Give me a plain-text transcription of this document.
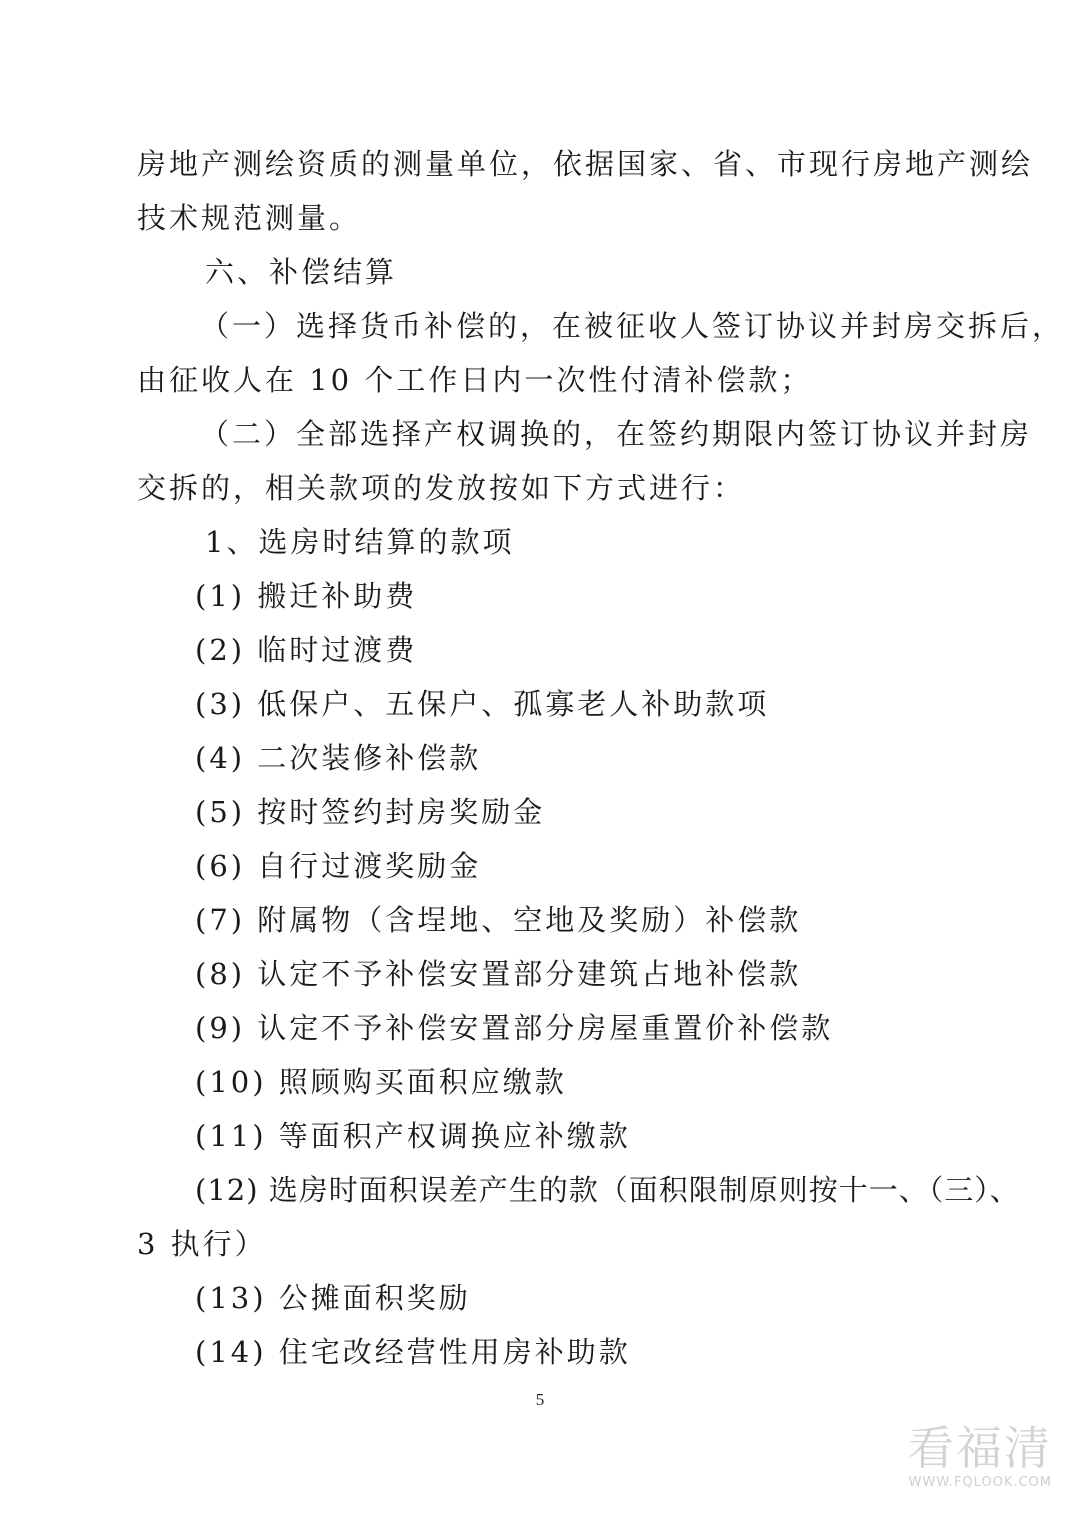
房地产测绘资质的测量单位，依据国家、省、市现行房地产测绘
技术规范测量。
六、补偿结算
（一）选择货币补偿的，在被征收人签订协议并封房交拆后，
由征收人在 10 个工作日内一次性付清补偿款；
（二）全部选择产权调换的，在签约期限内签订协议并封房
交拆的，相关款项的发放按如下方式进行：
1、选房时结算的款项
(1) 搬迁补助费
(2) 临时过渡费
(3) 低保户、五保户、孤寡老人补助款项
(4) 二次装修补偿款
(5) 按时签约封房奖励金
(6) 自行过渡奖励金
(7) 附属物（含埕地、空地及奖励）补偿款
(8) 认定不予补偿安置部分建筑占地补偿款
(9) 认定不予补偿安置部分房屋重置价补偿款
(10) 照顾购买面积应缴款
(11) 等面积产权调换应补缴款
(12) 选房时面积误差产生的款（面积限制原则按十一、（三）、
3 执行）
(13) 公摊面积奖励
(14) 住宅改经营性用房补助款
5
看福清
WWW.FQLOOK.COM
